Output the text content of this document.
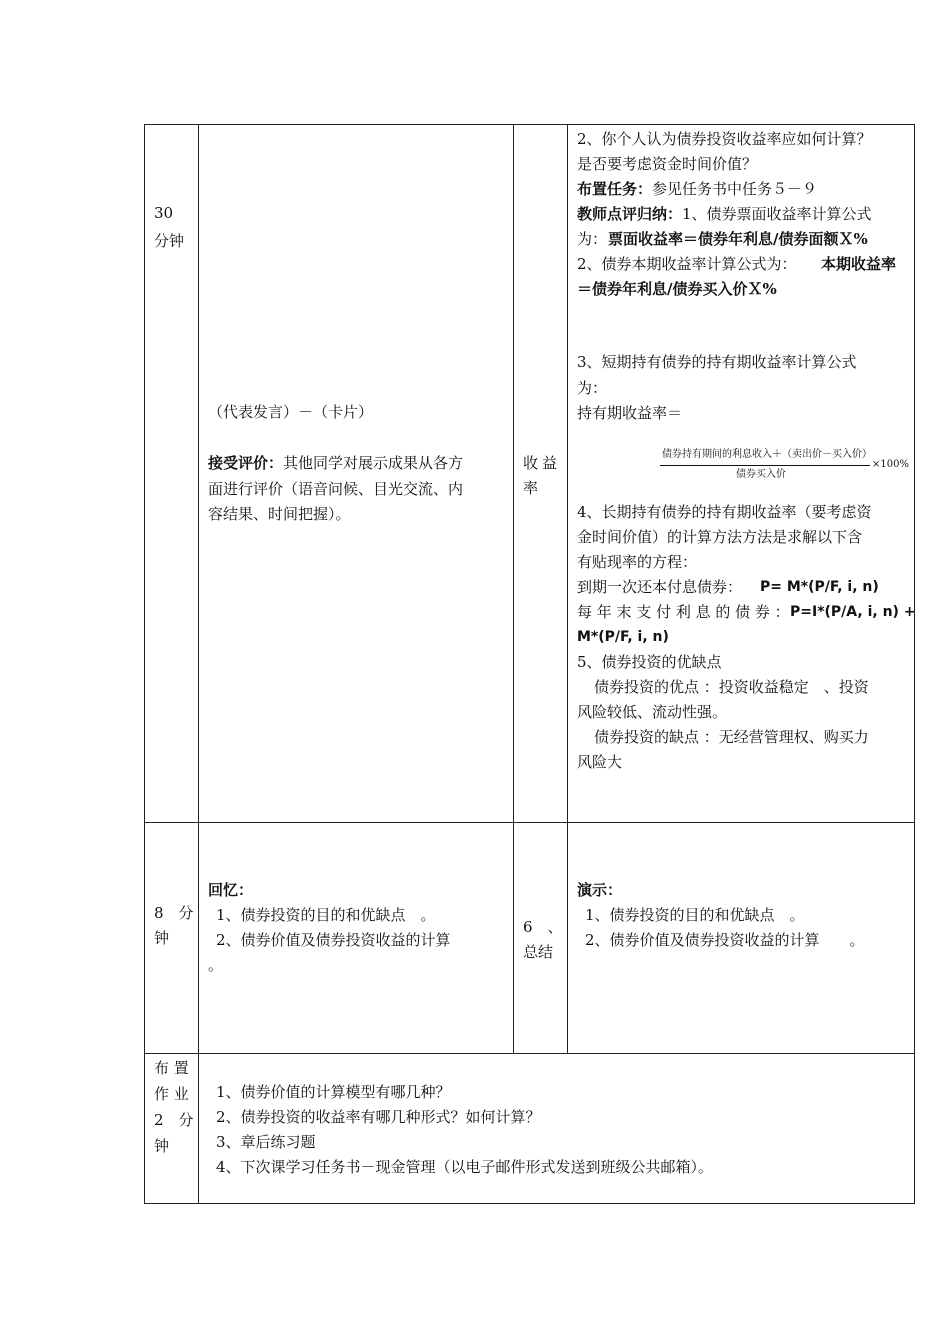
30
分钟
（代表发言）－（卡片）
接受评价： 其他同学对展示成果从各方
面进行评价（语音问候、目光交流、内
容结果、时间把握）。
收益
率
2、你个人认为债券投资收益率应如何计算？
是否要考虑资金时间价值？
布置任务： 参见任务书中任务５－９
教师点评归纳： 1、债券票面收益率计算公式
为： 票面收益率＝债券年利息/债券面额Ｘ%
2、债券本期收益率计算公式为： 本期收益率
＝债券年利息/债券买入价Ｘ%
3、短期持有债券的持有期收益率计算公式
为：
持有期收益率＝
债券持有期间的利息收入＋（卖出价－买入价）
债券买入价
×100%
4、长期持有债券的持有期收益率（要考虑资
金时间价值）的计算方法方法是求解以下含
有贴现率的方程：
到期一次还本付息债券： P= M*(P/F, i, n)
每 年 末 支 付 利 息 的 债 券 ： P=I*(P/A, i, n) +
M*(P/F, i, n)
5、债券投资的优缺点
债券投资的优点 ：投资收益稳定　、投资
风险较低、流动性强。
债券投资的缺点 ：无经营管理权、购买力
风险大
8　分
钟
回忆：
1、债券投资的目的和优缺点　。
2、债券价值及债券投资收益的计算
。
6　、
总结
演示：
1、债券投资的目的和优缺点　。
2、债券价值及债券投资收益的计算　　。
布 置
作 业
2　分
钟
1、债券价值的计算模型有哪几种？
2、债券投资的收益率有哪几种形式？如何计算？
3、章后练习题
4、下次课学习任务书－现金管理（以电子邮件形式发送到班级公共邮箱）。
